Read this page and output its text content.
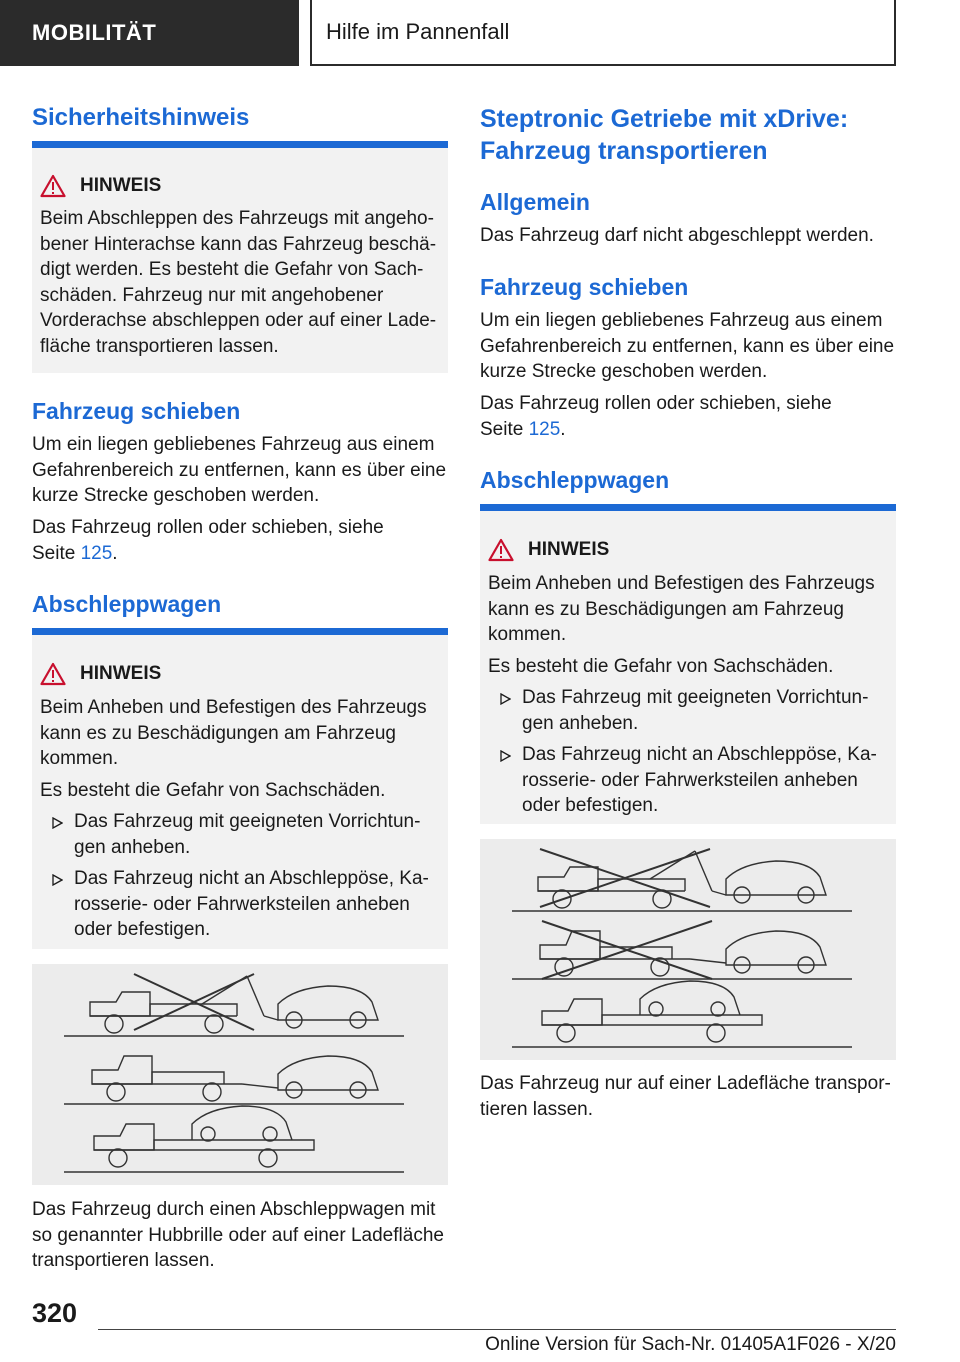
MOBILITÄT	Hilfe im Pannenfall
Sicherheitshinweis
HINWEIS
Beim Abschleppen des Fahrzeugs mit angeho-
bener Hinterachse kann das Fahrzeug beschä-
digt werden. Es besteht die Gefahr von Sach-
schäden. Fahrzeug nur mit angehobener
Vorderachse abschleppen oder auf einer Lade-
fläche transportieren lassen.
Fahrzeug schieben
Um ein liegen gebliebenes Fahrzeug aus einem
Gefahrenbereich zu entfernen, kann es über eine
kurze Strecke geschoben werden.
Das Fahrzeug rollen oder schieben, siehe
Seite 125.
Abschleppwagen
HINWEIS
Beim Anheben und Befestigen des Fahrzeugs
kann es zu Beschädigungen am Fahrzeug
kommen.
Es besteht die Gefahr von Sachschäden.
Das Fahrzeug mit geeigneten Vorrichtun-
gen anheben.
Das Fahrzeug nicht an Abschleppöse, Ka-
rosserie- oder Fahrwerksteilen anheben
oder befestigen.
Das Fahrzeug durch einen Abschleppwagen mit
so genannter Hubbrille oder auf einer Ladefläche
transportieren lassen.
Steptronic Getriebe mit xDrive:
Fahrzeug transportieren
Allgemein
Das Fahrzeug darf nicht abgeschleppt werden.
Fahrzeug schieben
Um ein liegen gebliebenes Fahrzeug aus einem
Gefahrenbereich zu entfernen, kann es über eine
kurze Strecke geschoben werden.
Das Fahrzeug rollen oder schieben, siehe
Seite 125.
Abschleppwagen
HINWEIS
Beim Anheben und Befestigen des Fahrzeugs
kann es zu Beschädigungen am Fahrzeug
kommen.
Es besteht die Gefahr von Sachschäden.
Das Fahrzeug mit geeigneten Vorrichtun-
gen anheben.
Das Fahrzeug nicht an Abschleppöse, Ka-
rosserie- oder Fahrwerksteilen anheben
oder befestigen.
Das Fahrzeug nur auf einer Ladefläche transpor-
tieren lassen.
320
Online Version für Sach-Nr. 01405A1F026 - X/20
